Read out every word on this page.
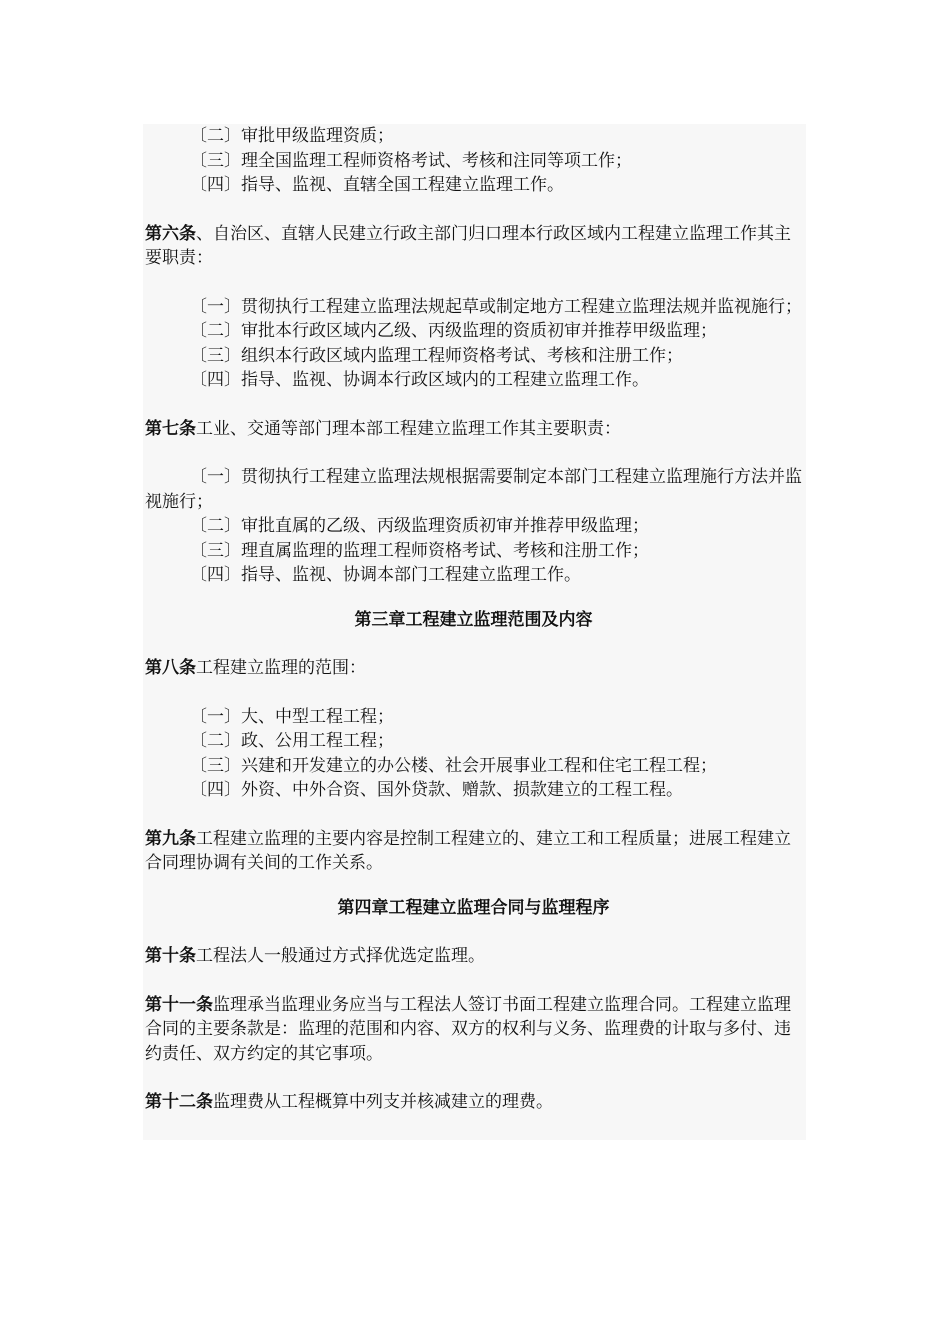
〔二〕审批甲级监理资质；

〔三〕理全国监理工程师资格考试、考核和注同等项工作；

〔四〕指导、监视、直辖全国工程建立监理工作。

第六条、自治区、直辖人民建立行政主部门归口理本行政区域内工程建立监理工作其主要职责：

〔一〕贯彻执行工程建立监理法规起草或制定地方工程建立监理法规并监视施行；

〔二〕审批本行政区域内乙级、丙级监理的资质初审并推荐甲级监理；

〔三〕组织本行政区域内监理工程师资格考试、考核和注册工作；

〔四〕指导、监视、协调本行政区域内的工程建立监理工作。

第七条工业、交通等部门理本部工程建立监理工作其主要职责：

〔一〕贯彻执行工程建立监理法规根据需要制定本部门工程建立监理施行方法并监视施行；

〔二〕审批直属的乙级、丙级监理资质初审并推荐甲级监理；

〔三〕理直属监理的监理工程师资格考试、考核和注册工作；

〔四〕指导、监视、协调本部门工程建立监理工作。

第三章工程建立监理范围及内容

第八条工程建立监理的范围：

〔一〕大、中型工程工程；

〔二〕政、公用工程工程；

〔三〕兴建和开发建立的办公楼、社会开展事业工程和住宅工程工程；

〔四〕外资、中外合资、国外贷款、赠款、损款建立的工程工程。

第九条工程建立监理的主要内容是控制工程建立的、建立工和工程质量；进展工程建立合同理协调有关间的工作关系。

第四章工程建立监理合同与监理程序

第十条工程法人一般通过方式择优选定监理。

第十一条监理承当监理业务应当与工程法人签订书面工程建立监理合同。工程建立监理合同的主要条款是：监理的范围和内容、双方的权利与义务、监理费的计取与多付、违约责任、双方约定的其它事项。

第十二条监理费从工程概算中列支并核减建立的理费。
